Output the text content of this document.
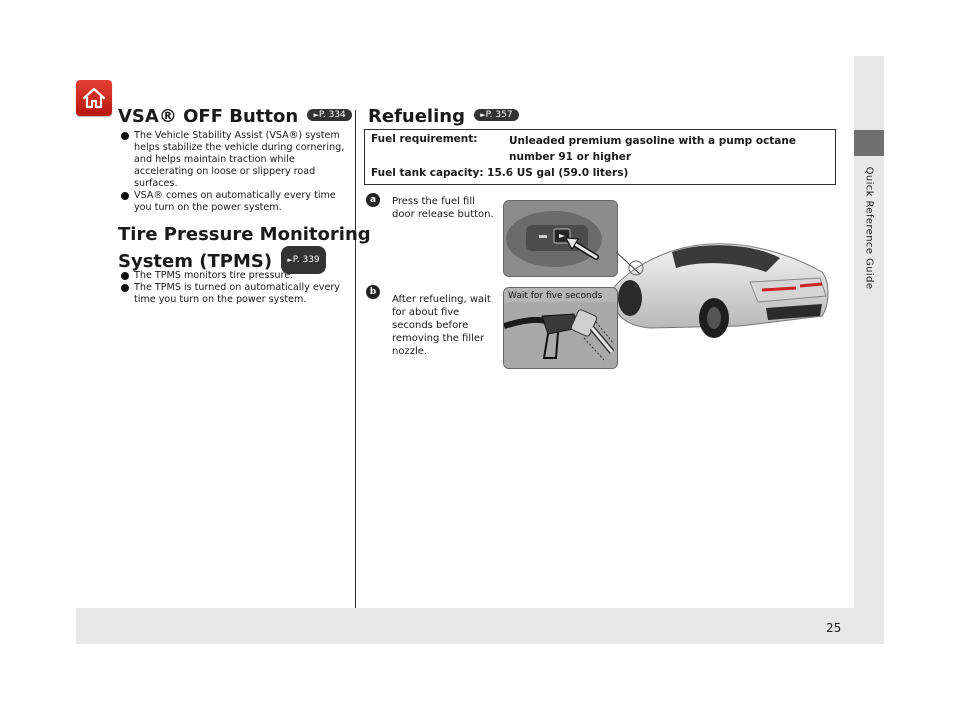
Quick Reference Guide
25
VSA® OFF Button ►P. 334
The Vehicle Stability Assist (VSA®) system helps stabilize the vehicle during cornering, and helps maintain traction while accelerating on loose or slippery road surfaces.
VSA® comes on automatically every time you turn on the power system.
Tire Pressure Monitoring
System (TPMS) ►P. 339
The TPMS monitors tire pressure.
The TPMS is turned on automatically every time you turn on the power system.
Refueling ►P. 357
Fuel requirement:	Unleaded premium gasoline with a pump octane number 91 or higher
Fuel tank capacity: 15.6 US gal (59.0 liters)
a	Press the fuel fill door release button.
b
After refueling, wait for about five seconds before removing the filler nozzle.
Wait for five seconds
